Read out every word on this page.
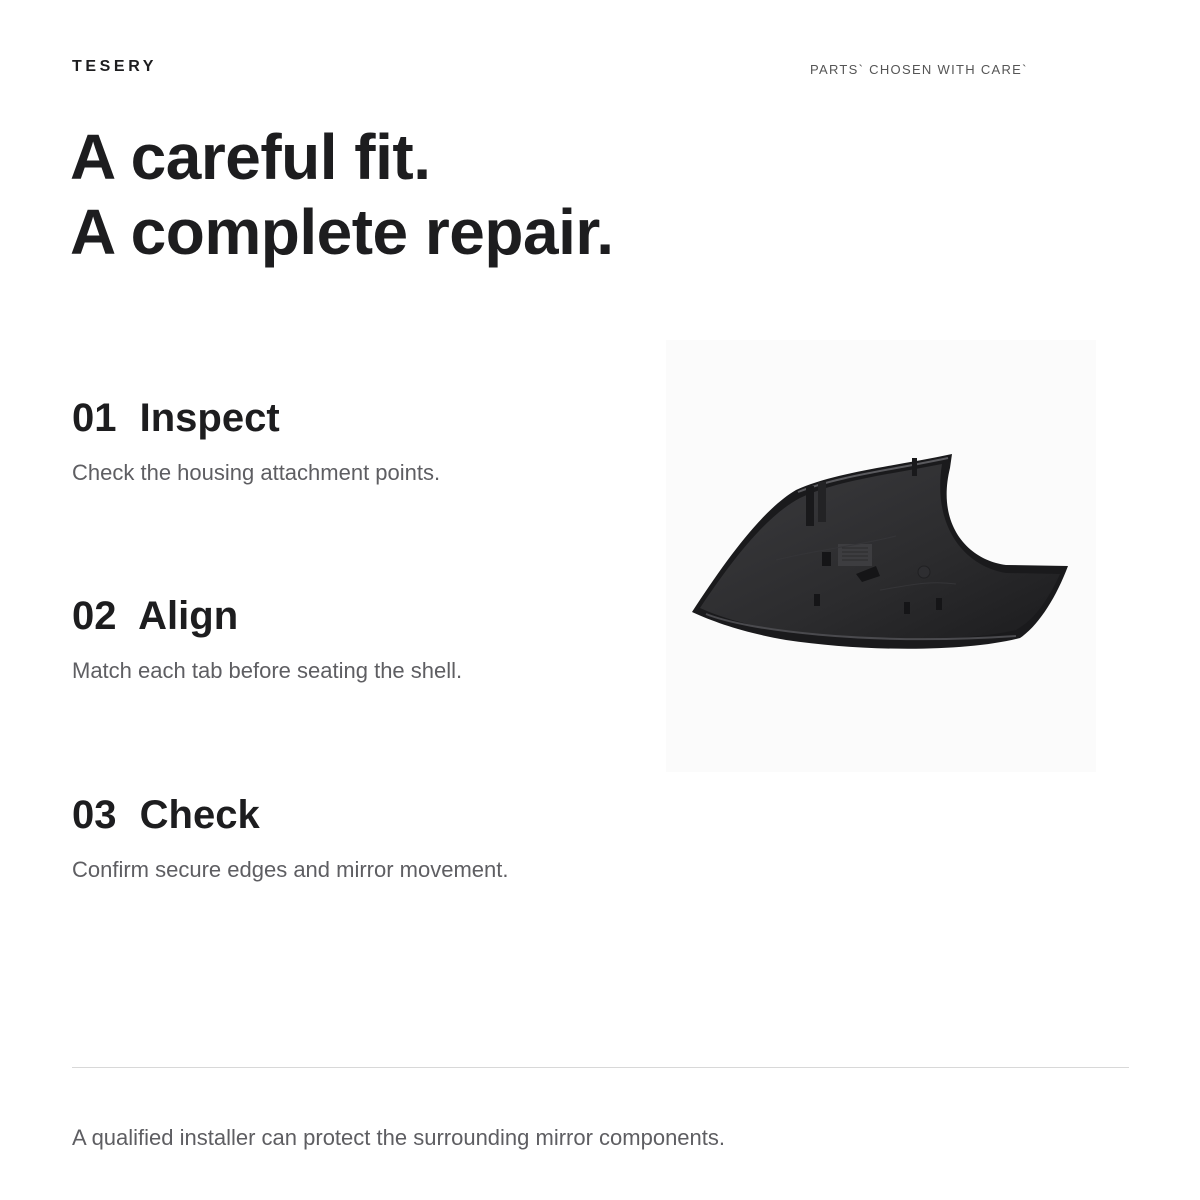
TESERY	PARTS` CHOSEN WITH CARE`
A careful fit.
A complete repair.
01 Inspect

Check the housing attachment points.

02 Align

Match each tab before seating the shell.

03 Check

Confirm secure edges and mirror movement.

A qualified installer can protect the surrounding mirror components.
